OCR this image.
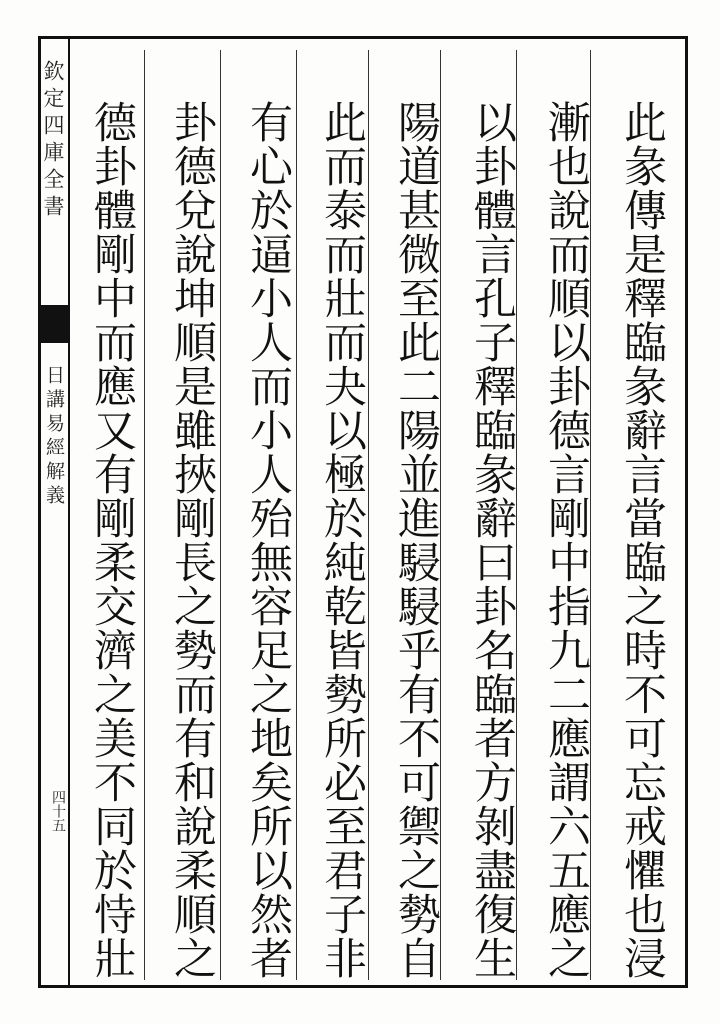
欽定四庫全書
日講易經解義
四十五	此彖傳是釋臨彖辭言當臨之時不可忘戒懼也浸
漸也說而順以卦德言剛中指九二應謂六五應之
以卦體言孔子釋臨彖辭曰卦名臨者方剝盡復生
陽道甚微至此二陽並進駸駸乎有不可禦之勢自
此而泰而壯而夬以極於純乾皆勢所必至君子非
有心於逼小人而小人殆無容足之地矣所以然者
卦德兌說坤順是雖挾剛長之勢而有和說柔順之
德卦體剛中而應又有剛柔交濟之美不同於恃壯
